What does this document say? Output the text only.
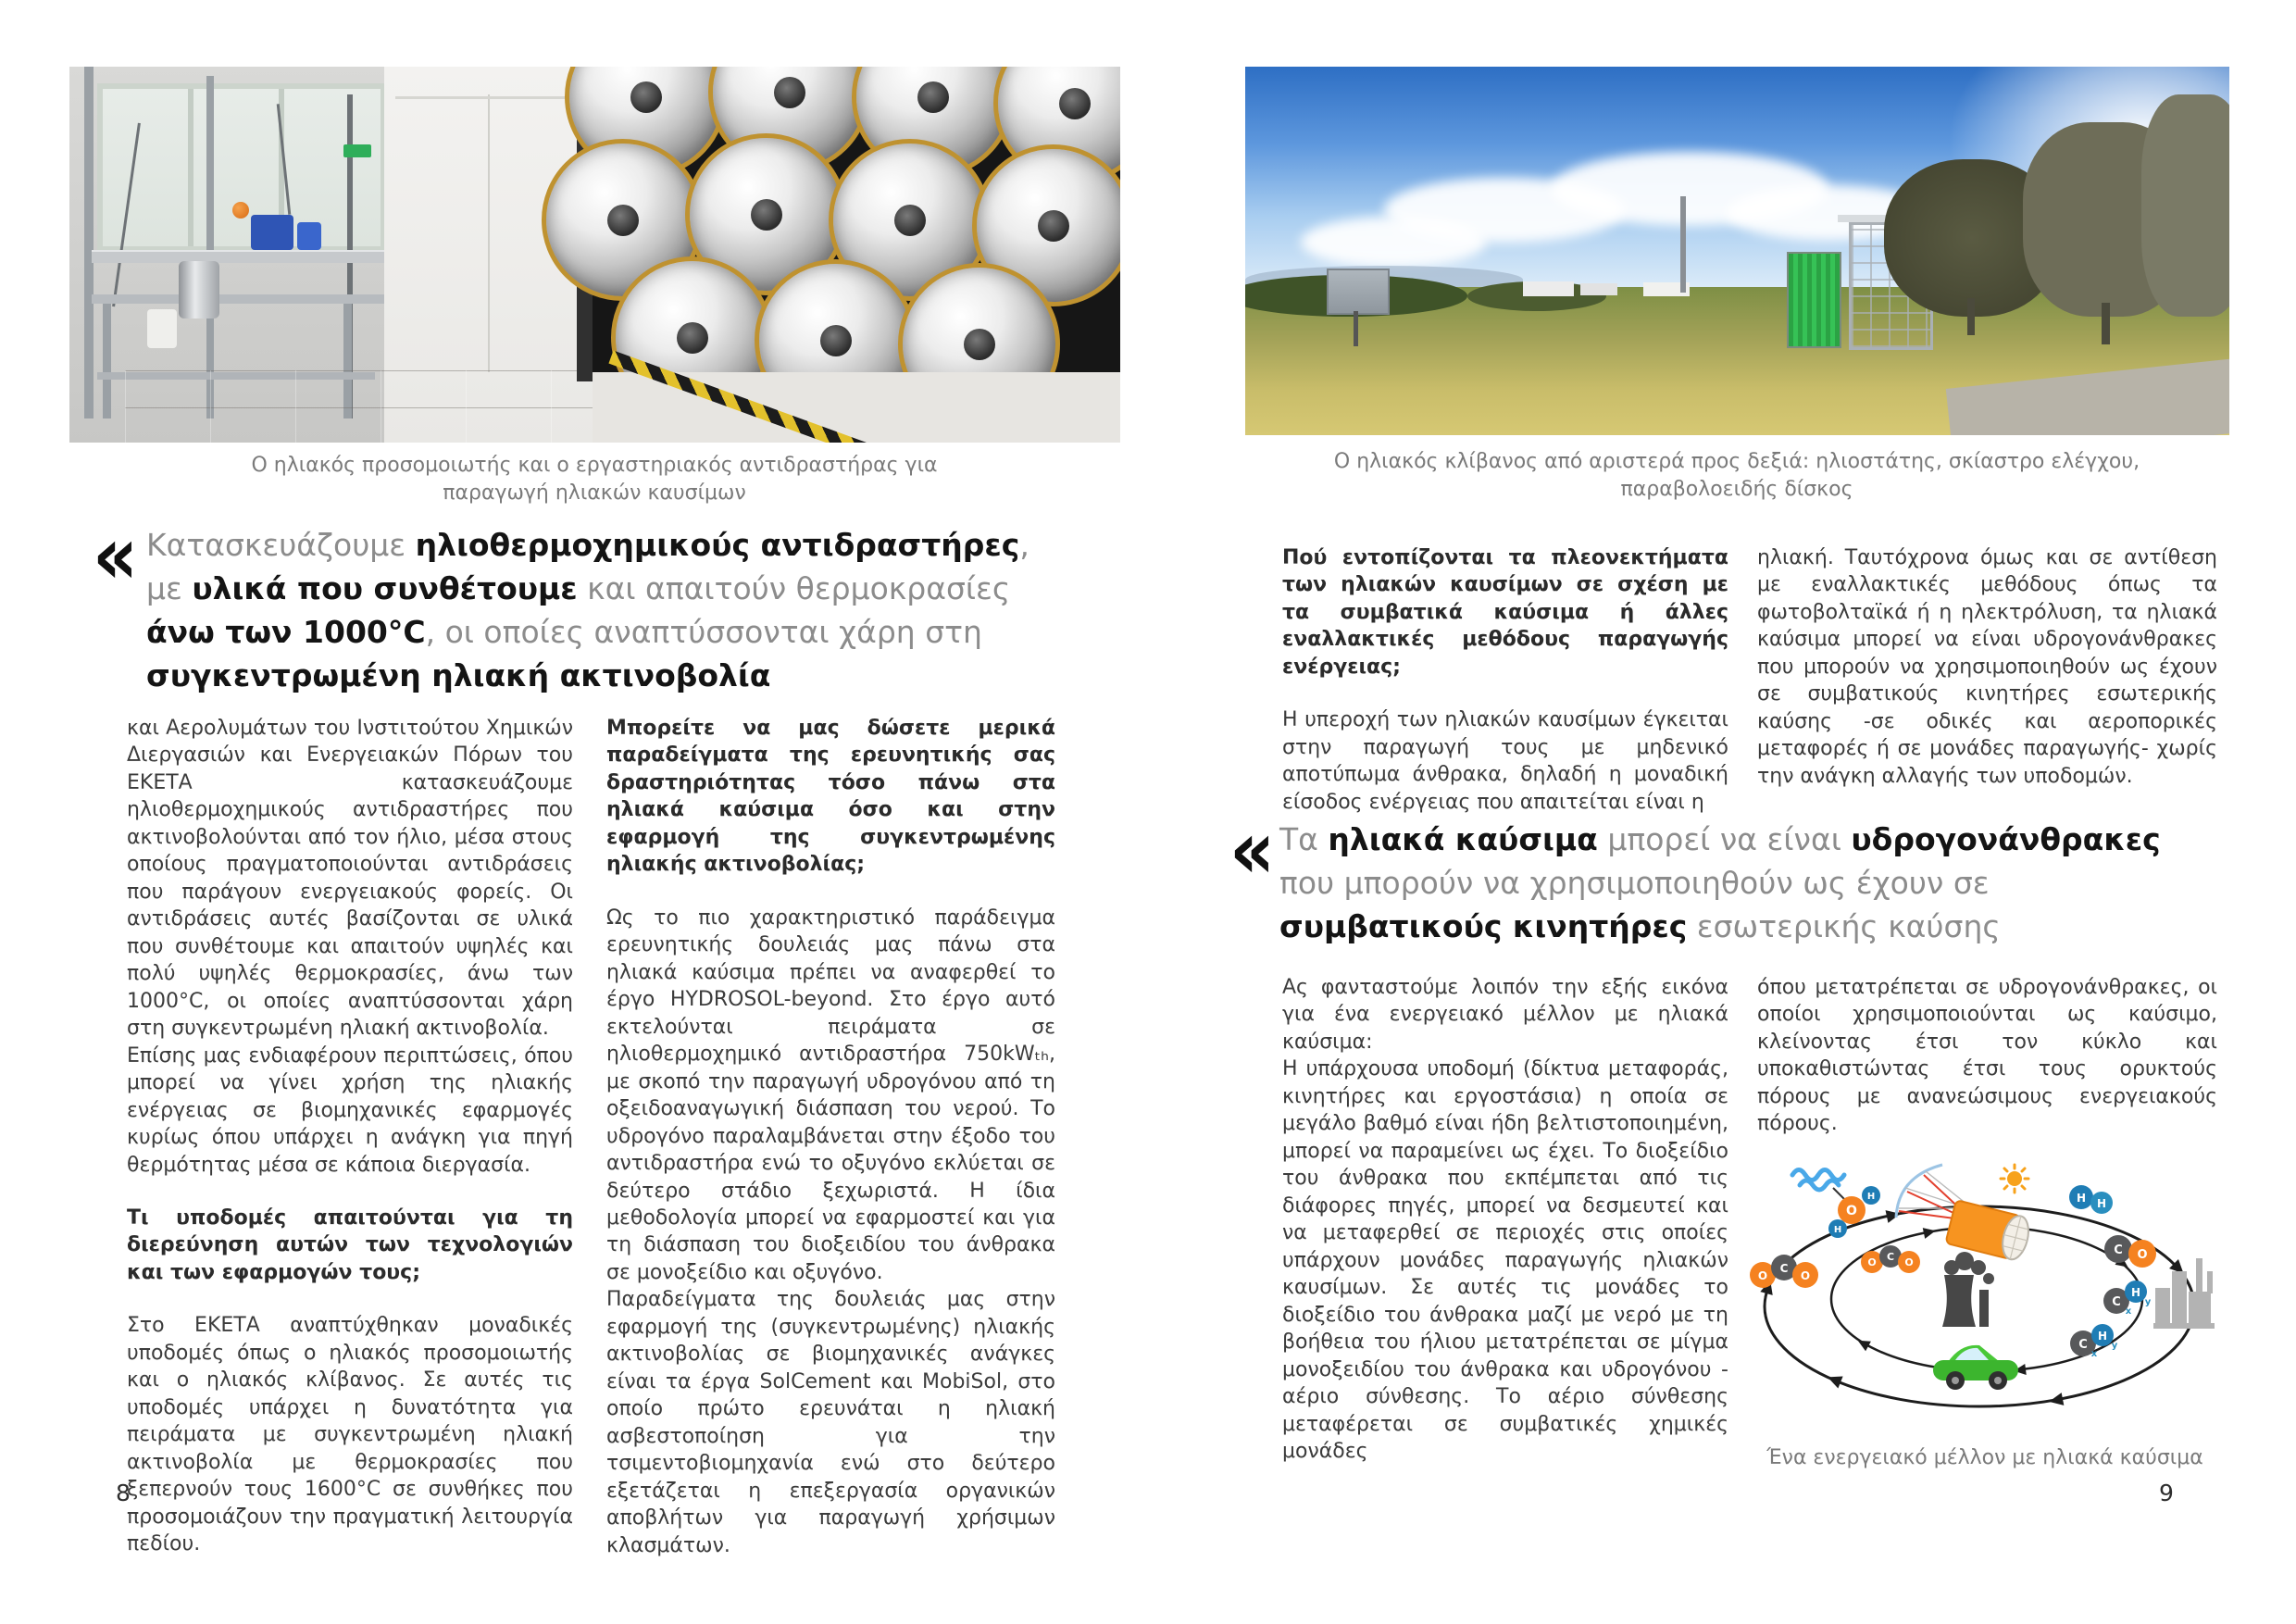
Ο ηλιακός προσομοιωτής και ο εργαστηριακός αντιδραστήρας για παραγωγή ηλιακών καυσίμων
« Κατασκευάζουμε ηλιοθερμοχημικούς αντιδραστήρες, με υλικά που συνθέτουμε και απαιτούν θερμοκρασίες άνω των 1000°C, οι οποίες αναπτύσσονται χάρη στη συγκεντρωμένη ηλιακή ακτινοβολία

και Αερολυμάτων του Ινστιτούτου Χημικών Διεργασιών και Ενεργειακών Πόρων του ΕΚΕΤΑ κατασκευάζουμε ηλιοθερμοχημικούς αντιδραστήρες που ακτινοβολούνται από τον ήλιο, μέσα στους οποίους πραγματοποιούνται αντιδράσεις που παράγουν ενεργειακούς φορείς. Οι αντιδράσεις αυτές βασίζονται σε υλικά που συνθέτουμε και απαιτούν υψηλές και πολύ υψηλές θερμοκρασίες, άνω των 1000°C, οι οποίες αναπτύσσονται χάρη στη συγκεντρωμένη ηλιακή ακτινοβολία.

Επίσης μας ενδιαφέρουν περιπτώσεις, όπου μπορεί να γίνει χρήση της ηλιακής ενέργειας σε βιομηχανικές εφαρμογές κυρίως όπου υπάρχει η ανάγκη για πηγή θερμότητας μέσα σε κάποια διεργασία.

Τι υποδομές απαιτούνται για τη διερεύνηση αυτών των τεχνολογιών και των εφαρμογών τους;

Στο ΕΚΕΤΑ αναπτύχθηκαν μοναδικές υποδομές όπως ο ηλιακός προσομοιωτής και ο ηλιακός κλίβανος. Σε αυτές τις υποδομές υπάρχει η δυνατότητα για πειράματα με συγκεντρωμένη ηλιακή ακτινοβολία με θερμοκρασίες που ξεπερνούν τους 1600°C σε συνθήκες που προσομοιάζουν την πραγματική λειτουργία πεδίου.

Μπορείτε να μας δώσετε μερικά παραδείγματα της ερευνητικής σας δραστηριότητας τόσο πάνω στα ηλιακά καύσιμα όσο και στην εφαρμογή της συγκεντρωμένης ηλιακής ακτινοβολίας;

Ως το πιο χαρακτηριστικό παράδειγμα ερευνητικής δουλειάς μας πάνω στα ηλιακά καύσιμα πρέπει να αναφερθεί το έργο HYDROSOL-beyond. Στο έργο αυτό εκτελούνται πειράματα σε ηλιοθερμοχημικό αντιδραστήρα 750kWₜₕ, με σκοπό την παραγωγή υδρογόνου από τη οξειδοαναγωγική διάσπαση του νερού. Το υδρογόνο παραλαμβάνεται στην έξοδο του αντιδραστήρα ενώ το οξυγόνο εκλύεται σε δεύτερο στάδιο ξεχωριστά. Η ίδια μεθοδολογία μπορεί να εφαρμοστεί και για τη διάσπαση του διοξειδίου του άνθρακα σε μονοξείδιο και οξυγόνο.

Παραδείγματα της δουλειάς μας στην εφαρμογή της (συγκεντρωμένης) ηλιακής ακτινοβολίας σε βιομηχανικές ανάγκες είναι τα έργα SolCement και MobiSol, στο οποίο πρώτο ερευνάται η ηλιακή ασβεστοποίηση για την τσιμεντοβιομηχανία ενώ στο δεύτερο εξετάζεται η επεξεργασία οργανικών αποβλήτων για παραγωγή χρήσιμων κλασμάτων.

8
Ο ηλιακός κλίβανος από αριστερά προς δεξιά: ηλιοστάτης, σκίαστρο ελέγχου, παραβολοειδής δίσκος

Πού εντοπίζονται τα πλεονεκτήματα των ηλιακών καυσίμων σε σχέση με τα συμβατικά καύσιμα ή άλλες εναλλακτικές μεθόδους παραγωγής ενέργειας;

Η υπεροχή των ηλιακών καυσίμων έγκειται στην παραγωγή τους με μηδενικό αποτύπωμα άνθρακα, δηλαδή η μοναδική είσοδος ενέργειας που απαιτείται είναι η

ηλιακή. Ταυτόχρονα όμως και σε αντίθεση με εναλλακτικές μεθόδους όπως τα φωτοβολταϊκά ή η ηλεκτρόλυση, τα ηλιακά καύσιμα μπορεί να είναι υδρογονάνθρακες που μπορούν να χρησιμοποιηθούν ως έχουν σε συμβατικούς κινητήρες εσωτερικής καύσης -σε οδικές και αεροπορικές μεταφορές ή σε μονάδες παραγωγής- χωρίς την ανάγκη αλλαγής των υποδομών.

« Τα ηλιακά καύσιμα μπορεί να είναι υδρογονάνθρακες που μπορούν να χρησιμοποιηθούν ως έχουν σε συμβατικούς κινητήρες εσωτερικής καύσης

Ας φανταστούμε λοιπόν την εξής εικόνα για ένα ενεργειακό μέλλον με ηλιακά καύσιμα:

Η υπάρχουσα υποδομή (δίκτυα μεταφοράς, κινητήρες και εργοστάσια) η οποία σε μεγάλο βαθμό είναι ήδη βελτιστοποιημένη, μπορεί να παραμείνει ως έχει. Το διοξείδιο του άνθρακα που εκπέμπεται από τις διάφορες πηγές, μπορεί να δεσμευτεί και να μεταφερθεί σε περιοχές στις οποίες υπάρχουν μονάδες παραγωγής ηλιακών καυσίμων. Σε αυτές τις μονάδες το διοξείδιο του άνθρακα μαζί με νερό με τη βοήθεια του ήλιου μετατρέπεται σε μίγμα μονοξειδίου του άνθρακα και υδρογόνου - αέριο σύνθεσης. Το αέριο σύνθεσης μεταφέρεται σε συμβατικές χημικές μονάδες

όπου μετατρέπεται σε υδρογονάνθρακες, οι οποίοι χρησιμοποιούνται ως καύσιμο, κλείνοντας έτσι τον κύκλο και υποκαθιστώντας έτσι τους ορυκτούς πόρους με ανανεώσιμους ενεργειακούς πόρους.

O
H
H
H H
C O
C
H
x
y
C
H
x
y
O C O
O
C
O
Ένα ενεργειακό μέλλον με ηλιακά καύσιμα
9
